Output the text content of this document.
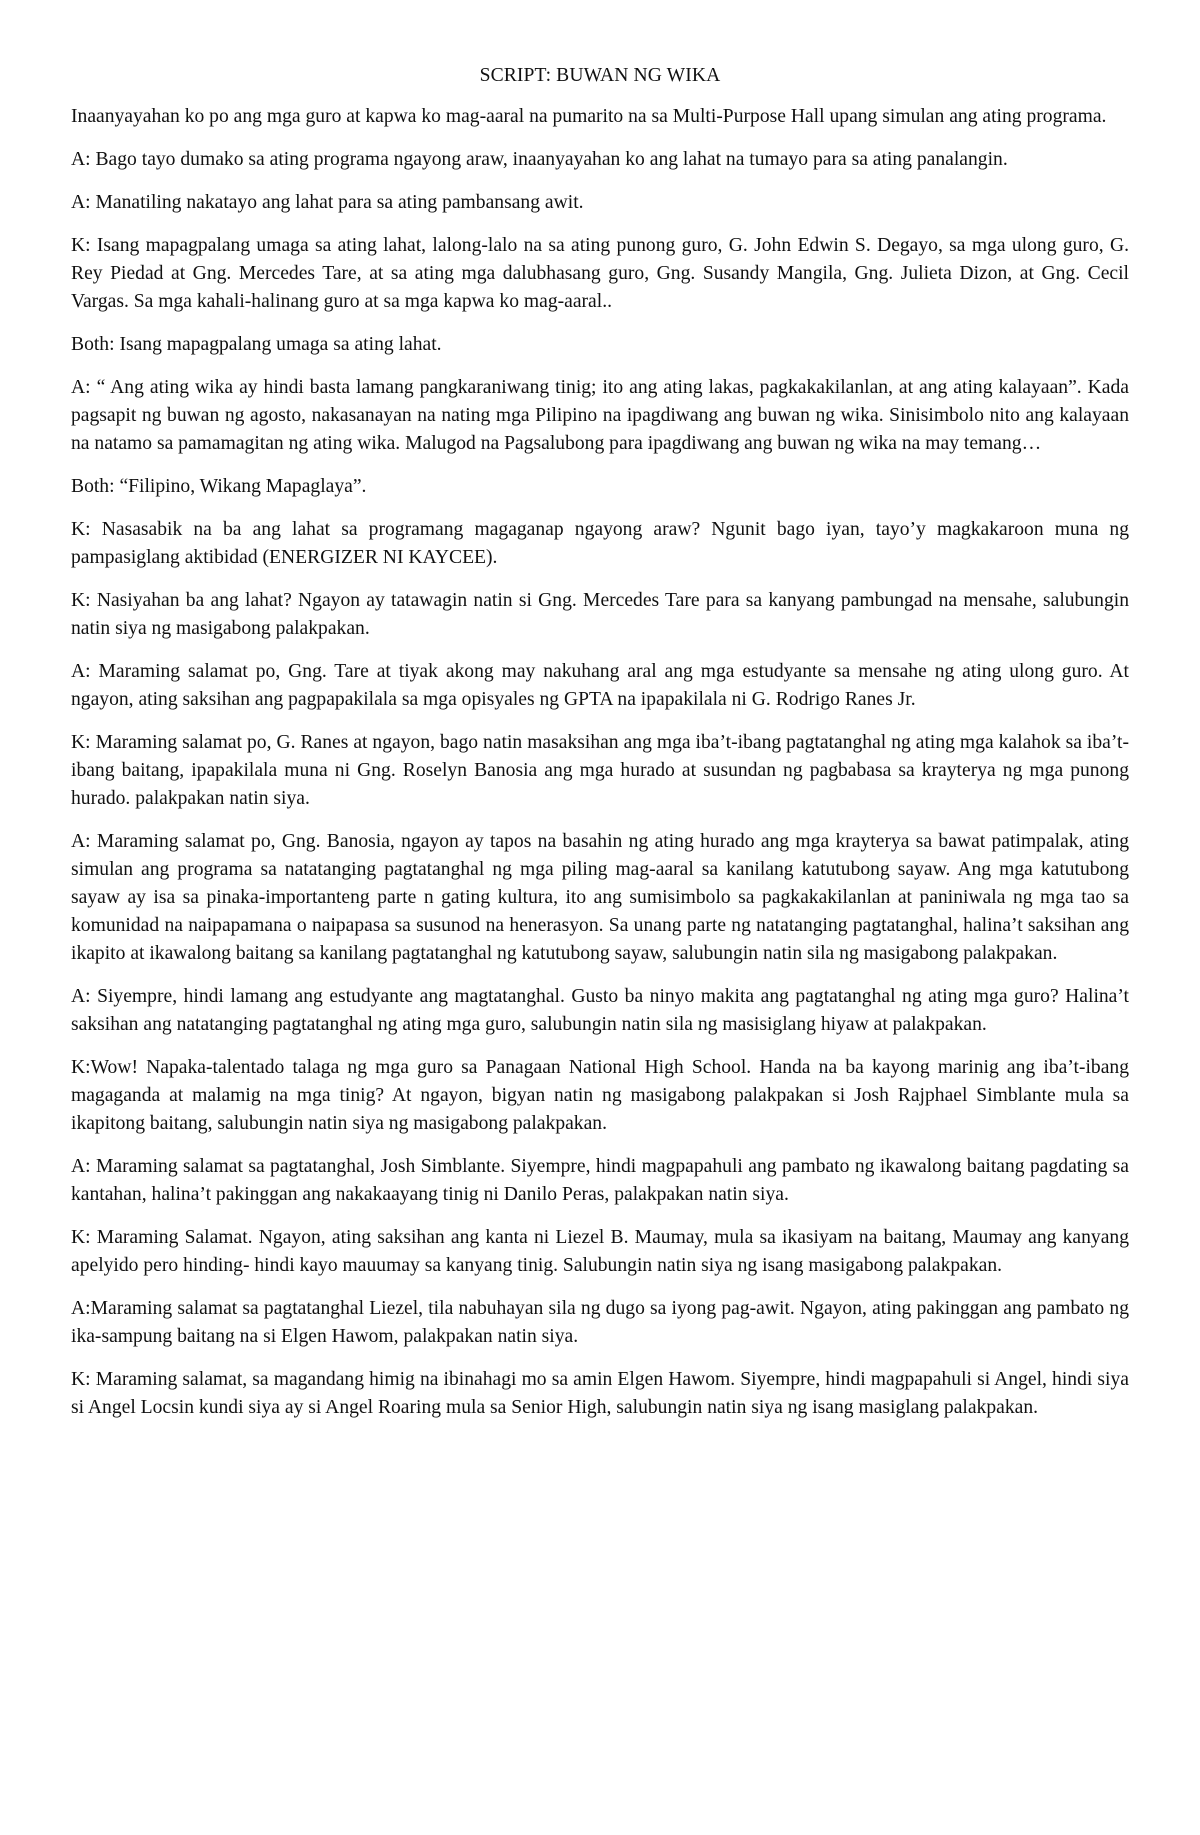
SCRIPT: BUWAN NG WIKA

Inaanyayahan ko po ang mga guro at kapwa ko mag-aaral na pumarito na sa Multi-Purpose Hall upang simulan ang ating programa.

A: Bago tayo dumako sa ating programa ngayong araw, inaanyayahan ko ang lahat na tumayo para sa ating panalangin.

A: Manatiling nakatayo ang lahat para sa ating pambansang awit.

K: Isang mapagpalang umaga sa ating lahat, lalong-lalo na sa ating punong guro, G. John Edwin S. Degayo, sa mga ulong guro, G. Rey Piedad at Gng. Mercedes Tare, at sa ating mga dalubhasang guro, Gng. Susandy Mangila, Gng. Julieta Dizon, at Gng. Cecil Vargas. Sa mga kahali-halinang guro at sa mga kapwa ko mag-aaral..

Both: Isang mapagpalang umaga sa ating lahat.

A: “ Ang ating wika ay hindi basta lamang pangkaraniwang tinig; ito ang ating lakas, pagkakakilanlan, at ang ating kalayaan”. Kada pagsapit ng buwan ng agosto, nakasanayan na nating mga Pilipino na ipagdiwang ang buwan ng wika. Sinisimbolo nito ang kalayaan na natamo sa pamamagitan ng ating wika. Malugod na Pagsalubong para ipagdiwang ang buwan ng wika na may temang…

Both: “Filipino, Wikang Mapaglaya”.

K: Nasasabik na ba ang lahat sa programang magaganap ngayong araw? Ngunit bago iyan, tayo’y magkakaroon muna ng pampasiglang aktibidad (ENERGIZER NI KAYCEE).

K: Nasiyahan ba ang lahat? Ngayon ay tatawagin natin si Gng. Mercedes Tare para sa kanyang pambungad na mensahe, salubungin natin siya ng masigabong palakpakan.

A: Maraming salamat po, Gng. Tare at tiyak akong may nakuhang aral ang mga estudyante sa mensahe ng ating ulong guro. At ngayon, ating saksihan ang pagpapakilala sa mga opisyales ng GPTA na ipapakilala ni G. Rodrigo Ranes Jr.

K: Maraming salamat po, G. Ranes at ngayon, bago natin masaksihan ang mga iba’t-ibang pagtatanghal ng ating mga kalahok sa iba’t-ibang baitang, ipapakilala muna ni Gng. Roselyn Banosia ang mga hurado at susundan ng pagbabasa sa krayterya ng mga punong hurado. palakpakan natin siya.

A: Maraming salamat po, Gng. Banosia, ngayon ay tapos na basahin ng ating hurado ang mga krayterya sa bawat patimpalak, ating simulan ang programa sa natatanging pagtatanghal ng mga piling mag-aaral sa kanilang katutubong sayaw. Ang mga katutubong sayaw ay isa sa pinaka-importanteng parte n gating kultura, ito ang sumisimbolo sa pagkakakilanlan at paniniwala ng mga tao sa komunidad na naipapamana o naipapasa sa susunod na henerasyon. Sa unang parte ng natatanging pagtatanghal, halina’t saksihan ang ikapito at ikawalong baitang sa kanilang pagtatanghal ng katutubong sayaw, salubungin natin sila ng masigabong palakpakan.

A: Siyempre, hindi lamang ang estudyante ang magtatanghal. Gusto ba ninyo makita ang pagtatanghal ng ating mga guro? Halina’t saksihan ang natatanging pagtatanghal ng ating mga guro, salubungin natin sila ng masisiglang hiyaw at palakpakan.

K:Wow! Napaka-talentado talaga ng mga guro sa Panagaan National High School. Handa na ba kayong marinig ang iba’t-ibang magaganda at malamig na mga tinig? At ngayon, bigyan natin ng masigabong palakpakan si Josh Rajphael Simblante mula sa ikapitong baitang, salubungin natin siya ng masigabong palakpakan.

A: Maraming salamat sa pagtatanghal, Josh Simblante. Siyempre, hindi magpapahuli ang pambato ng ikawalong baitang pagdating sa kantahan, halina’t pakinggan ang nakakaayang tinig ni Danilo Peras, palakpakan natin siya.

K: Maraming Salamat. Ngayon, ating saksihan ang kanta ni Liezel B. Maumay, mula sa ikasiyam na baitang, Maumay ang kanyang apelyido pero hinding- hindi kayo mauumay sa kanyang tinig. Salubungin natin siya ng isang masigabong palakpakan.

A:Maraming salamat sa pagtatanghal Liezel, tila nabuhayan sila ng dugo sa iyong pag-awit. Ngayon, ating pakinggan ang pambato ng ika-sampung baitang na si Elgen Hawom, palakpakan natin siya.

K: Maraming salamat, sa magandang himig na ibinahagi mo sa amin Elgen Hawom. Siyempre, hindi magpapahuli si Angel, hindi siya si Angel Locsin kundi siya ay si Angel Roaring mula sa Senior High, salubungin natin siya ng isang masiglang palakpakan.
